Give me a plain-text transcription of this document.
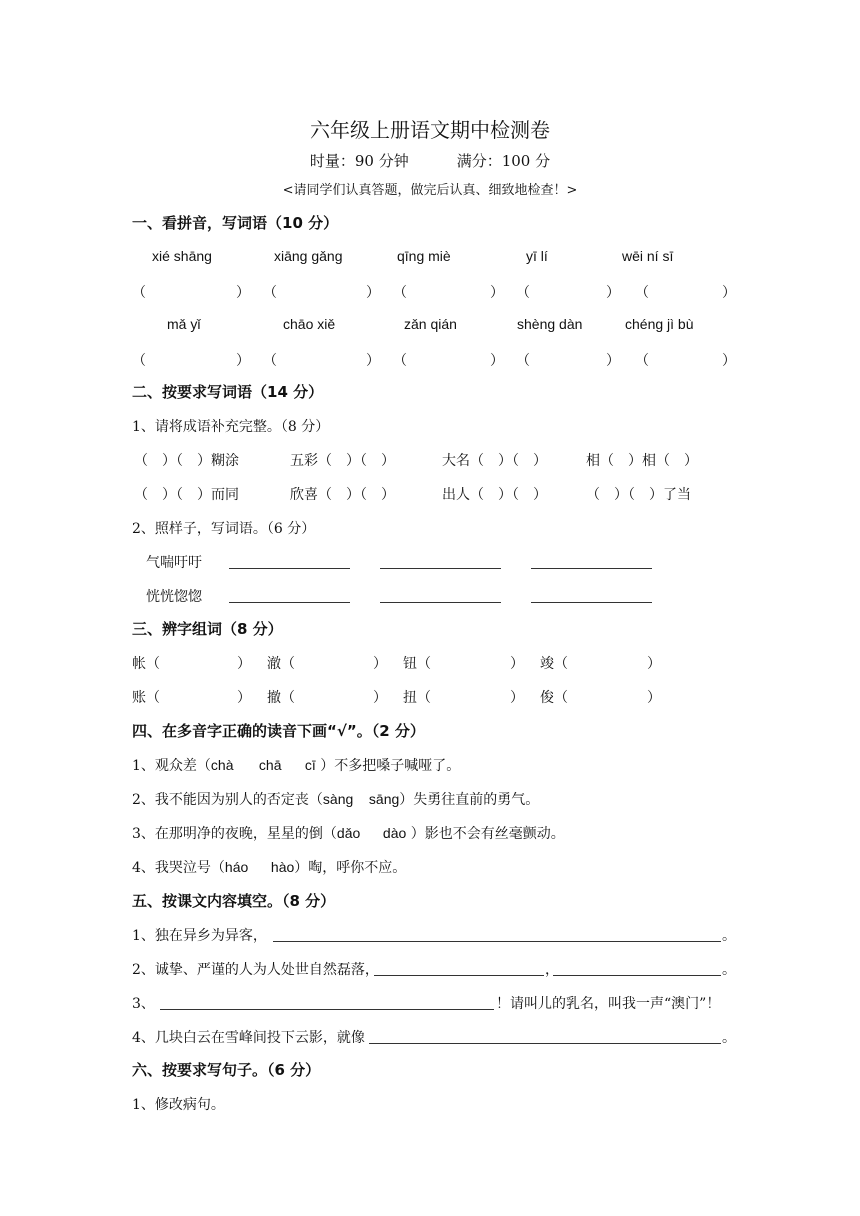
六年级上册语文期中检测卷
时量：90 分钟	满分：100 分
<请同学们认真答题，做完后认真、细致地检查！>
一、看拼音，写词语（10 分）
xié shāng	xiāng gǎng	qīng miè	yī lí	wēi ní sī
（	） （	） （	） （	） （	）
mǎ yǐ	chāo xiě	zǎn qián	shèng dàn	chéng jì bù
（	） （	） （	） （	） （	）
二、按要求写词语（14 分）
1、请将成语补充完整。（8 分）
（　）（　）糊涂	五彩（　）（　）	大名（　）（　）	相（　）相（　）
（　）（　）而同	欣喜（　）（　）	出人（　）（　）	（　）（　）了当
2、照样子，写词语。（6 分）
气喘吁吁
恍恍惚惚
三、辨字组词（8 分）
帐（	） 澈（	） 钮（	） 竣（	）
账（	） 撤（	） 扭（	） 俊（	）
四、在多音字正确的读音下画“√”。（2 分）
1、观众差（chà chā cī ）不多把嗓子喊哑了。
2、我不能因为别人的否定丧（sàng sāng）失勇往直前的勇气。
3、在那明净的夜晚，星星的倒（dǎo dào ）影也不会有丝毫颤动。
4、我哭泣号（háo hào）啕，呼你不应。
五、按课文内容填空。（8 分）
1、独在异乡为异客，	。
2、诚挚、严谨的人为人处世自然磊落，	，	。
3、	！请叫儿的乳名，叫我一声“澳门”！
4、几块白云在雪峰间投下云影，就像	。
六、按要求写句子。（6 分）
1、修改病句。
